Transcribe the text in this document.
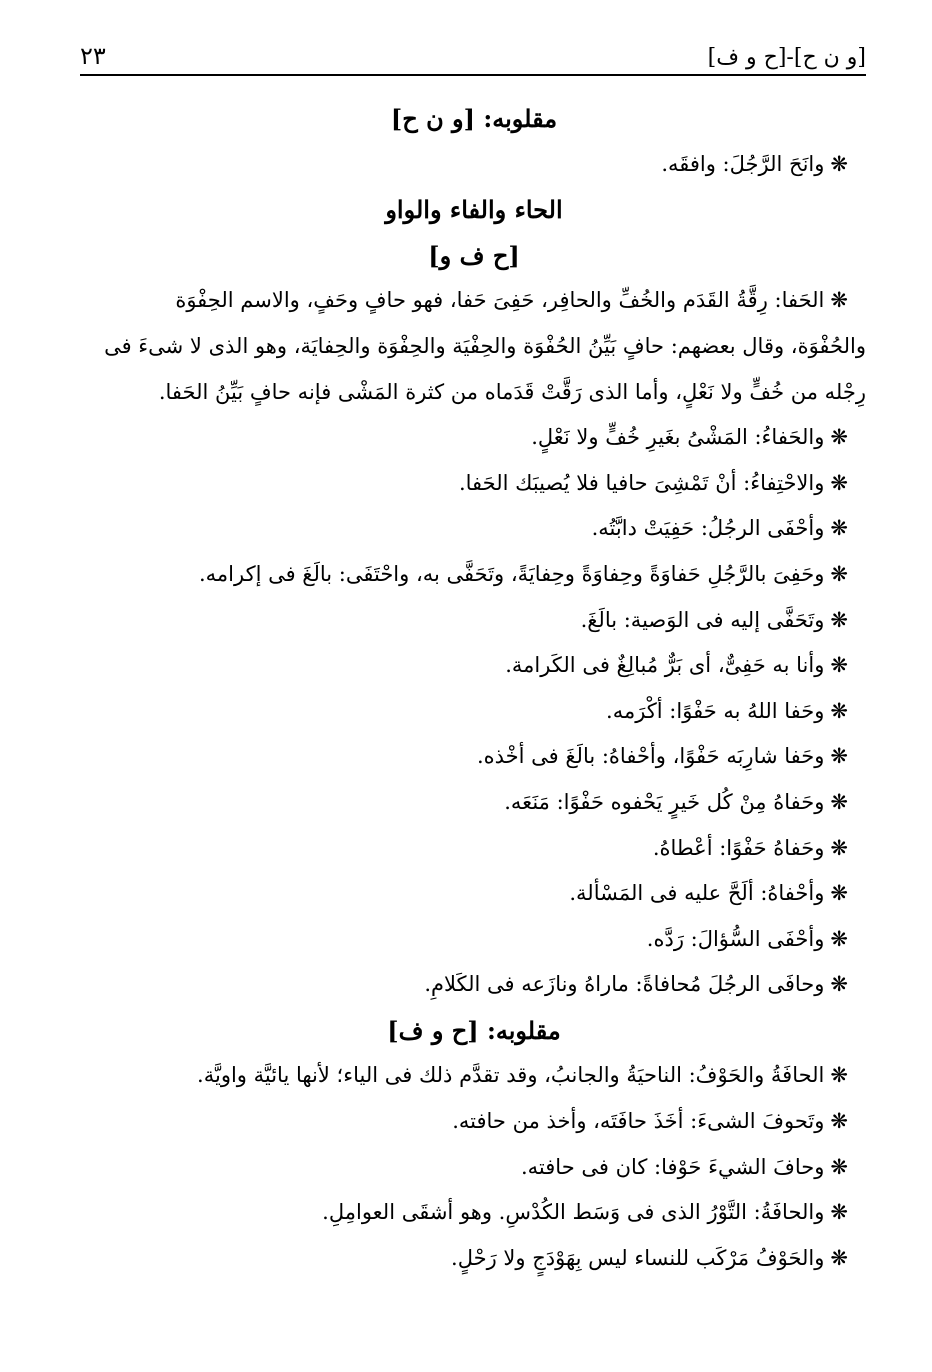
[و ن ح]-[ح و ف]
٢٣
مقلوبه: [و ن ح]
❋وانَحَ الرَّجُلَ: وافقَه.
الحاء والفاء والواو
[ح ف و]
❋الحَفا: رِقَّةُ القَدَم والخُفِّ والحافِر، حَفِىَ حَفا، فهو حافٍ وحَفٍ، والاسم الحِفْوَة
والحُفْوَة، وقال بعضهم: حافٍ بَيِّنُ الحُفْوَة والحِفْيَة والحِفْوَة والحِفايَة، وهو الذى لا شىءَ فى
رِجْله من خُفٍّ ولا نَعْلٍ، وأما الذى رَقَّتْ قَدَماه من كثرة المَشْى فإنه حافٍ بَيِّنُ الحَفا.
❋والحَفاءُ: المَشْىُ بغَيرِ خُفٍّ ولا نَعْلٍ.
❋والاحْتِفاءُ: أنْ تَمْشِىَ حافيا فلا يُصيبَك الحَفا.
❋وأحْفَى الرجُلُ: حَفِيَتْ دابَّتُه.
❋وحَفِىَ بالرَّجُلِ حَفاوَةً وحِفاوَةً وحِفايَةً، وتَحَفَّى به، واحْتَفَى: بالَغَ فى إكرامه.
❋وتَحَفَّى إليه فى الوَصية: بالَغَ.
❋وأنا به حَفِىٌّ، أى بَرٌّ مُبالِغٌ فى الكَرامة.
❋وحَفا اللهُ به حَفْوًا: أكْرَمه.
❋وحَفا شارِبَه حَفْوًا، وأحْفاهُ: بالَغَ فى أخْذه.
❋وحَفاهُ مِنْ كُل خَيرٍ يَحْفوه حَفْوًا: مَنَعَه.
❋وحَفاهُ حَفْوًا: أعْطاهُ.
❋وأحْفاهُ: ألَحَّ عليه فى المَسْألة.
❋وأحْفَى السُّؤالَ: رَدَّه.
❋وحافَى الرجُلَ مُحافاةً: ماراهُ ونازَعه فى الكَلامِ.
مقلوبه: [ح و ف]
❋الحافَةُ والحَوْفُ: الناحيَةُ والجانبُ، وقد تقدَّم ذلك فى الياء؛ لأنها يائيَّة واويَّة.
❋وتَحوفَ الشىءَ: أخَذَ حافَتَه، وأخذ من حافته.
❋وحافَ الشيءَ حَوْفا: كان فى حافته.
❋والحافَةُ: التَّوْرُ الذى فى وَسَط الكُدْسِ. وهو أشقَى العوامِلِ.
❋والحَوْفُ مَرْكَب للنساء ليس بِهَوْدَجٍ ولا رَحْلٍ.
